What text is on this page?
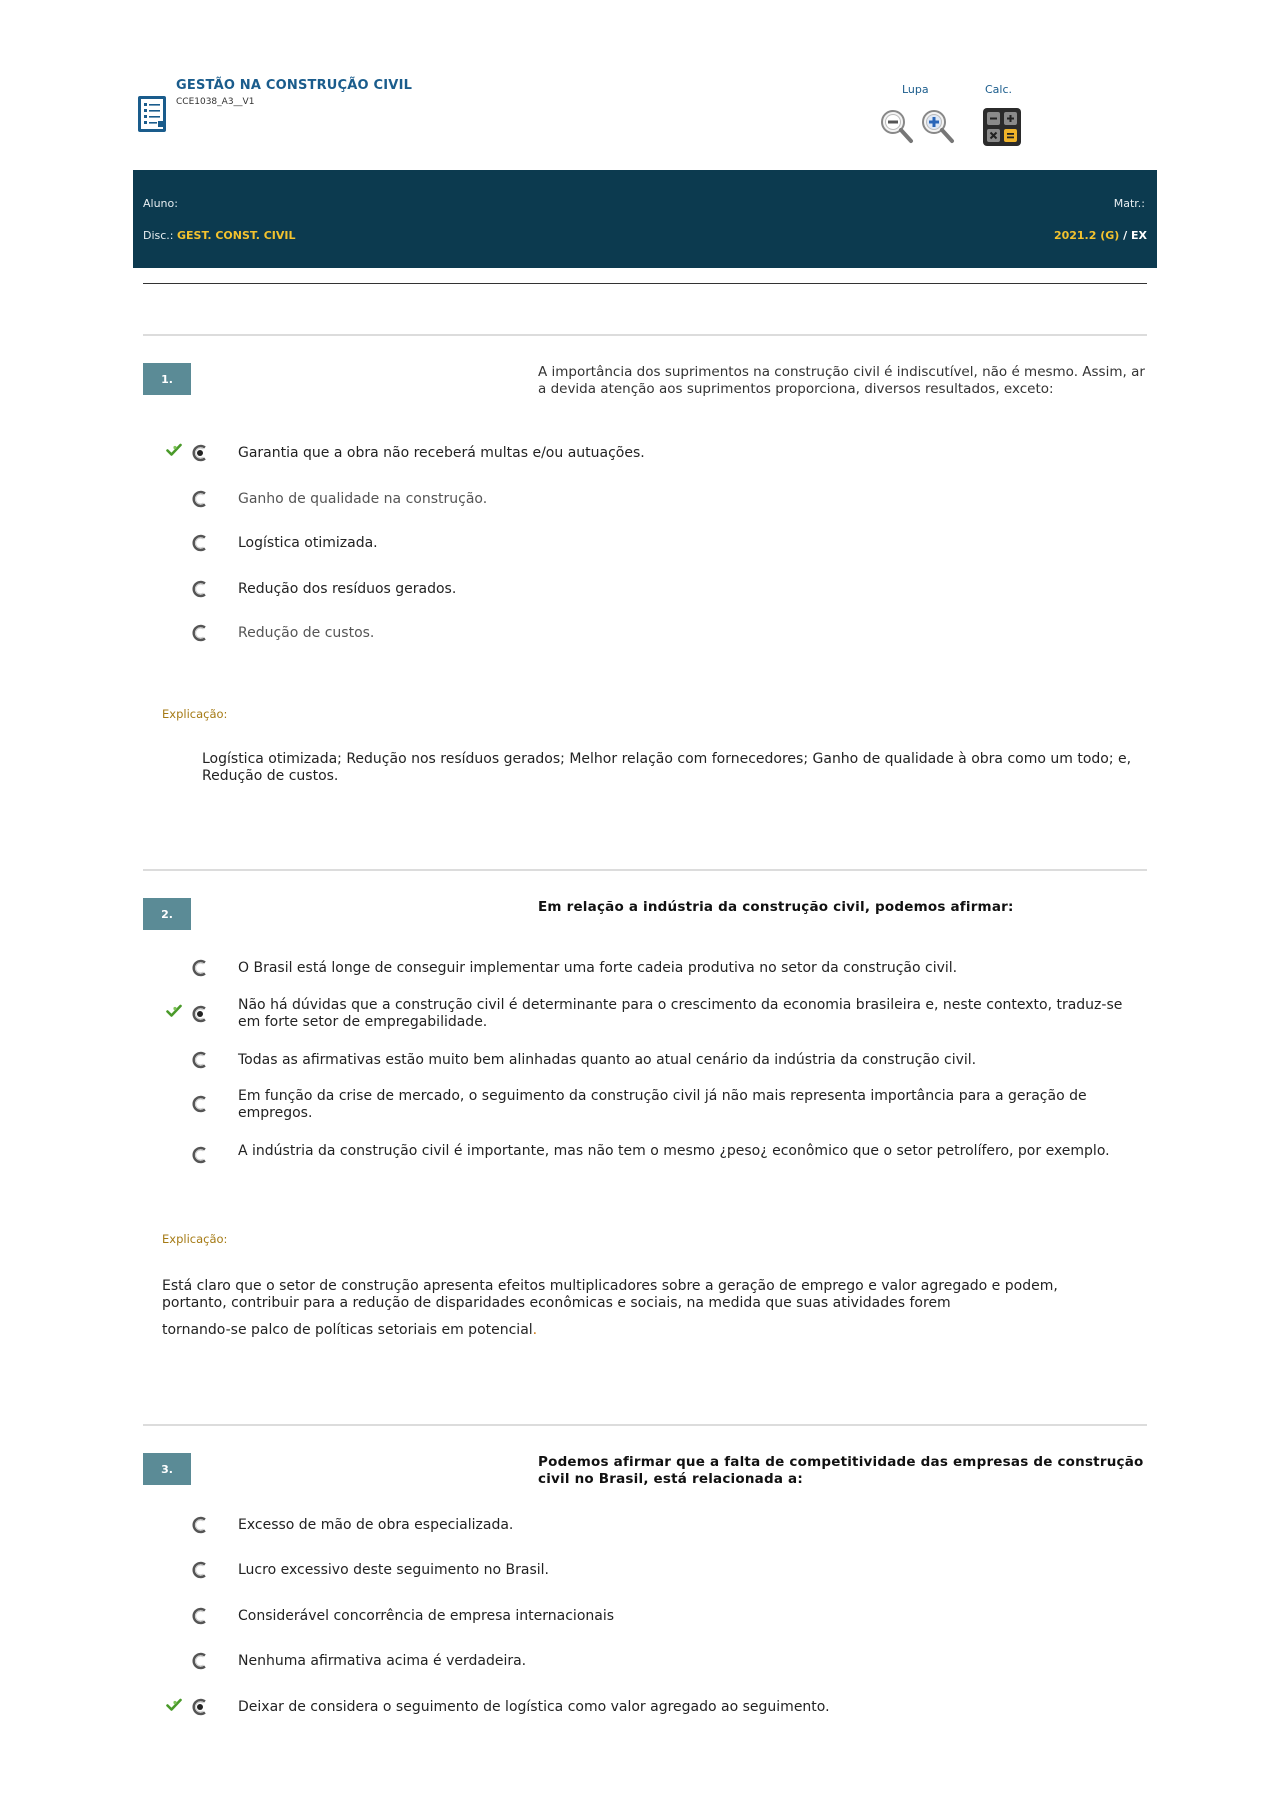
GESTÃO NA CONSTRUÇÃO CIVIL
CCE1038_A3__V1
Lupa	Calc.
Aluno:	Matr.:
Disc.: GEST. CONST. CIVIL	2021.2 (G) / EX
1.	A importância dos suprimentos na construção civil é indiscutível, não é mesmo. Assim, ar a devida atenção aos suprimentos proporciona, diversos resultados, exceto:
Garantia que a obra não receberá multas e/ou autuações.
Ganho de qualidade na construção.
Logística otimizada.
Redução dos resíduos gerados.
Redução de custos.
Explicação:
Logística otimizada; Redução nos resíduos gerados; Melhor relação com fornecedores; Ganho de qualidade à obra como um todo; e, Redução de custos.
2.	Em relação a indústria da construção civil, podemos afirmar:
O Brasil está longe de conseguir implementar uma forte cadeia produtiva no setor da construção civil.
Não há dúvidas que a construção civil é determinante para o crescimento da economia brasileira e, neste contexto, traduz-se em forte setor de empregabilidade.
Todas as afirmativas estão muito bem alinhadas quanto ao atual cenário da indústria da construção civil.
Em função da crise de mercado, o seguimento da construção civil já não mais representa importância para a geração de empregos.
A indústria da construção civil é importante, mas não tem o mesmo ¿peso¿ econômico que o setor petrolífero, por exemplo.
Explicação:
Está claro que o setor de construção apresenta efeitos multiplicadores sobre a geração de emprego e valor agregado e podem, portanto, contribuir para a redução de disparidades econômicas e sociais, na medida que suas atividades forem
tornando-se palco de políticas setoriais em potencial.
3.	Podemos afirmar que a falta de competitividade das empresas de construção civil no Brasil, está relacionada a:
Excesso de mão de obra especializada.
Lucro excessivo deste seguimento no Brasil.
Considerável concorrência de empresa internacionais
Nenhuma afirmativa acima é verdadeira.
Deixar de considera o seguimento de logística como valor agregado ao seguimento.
